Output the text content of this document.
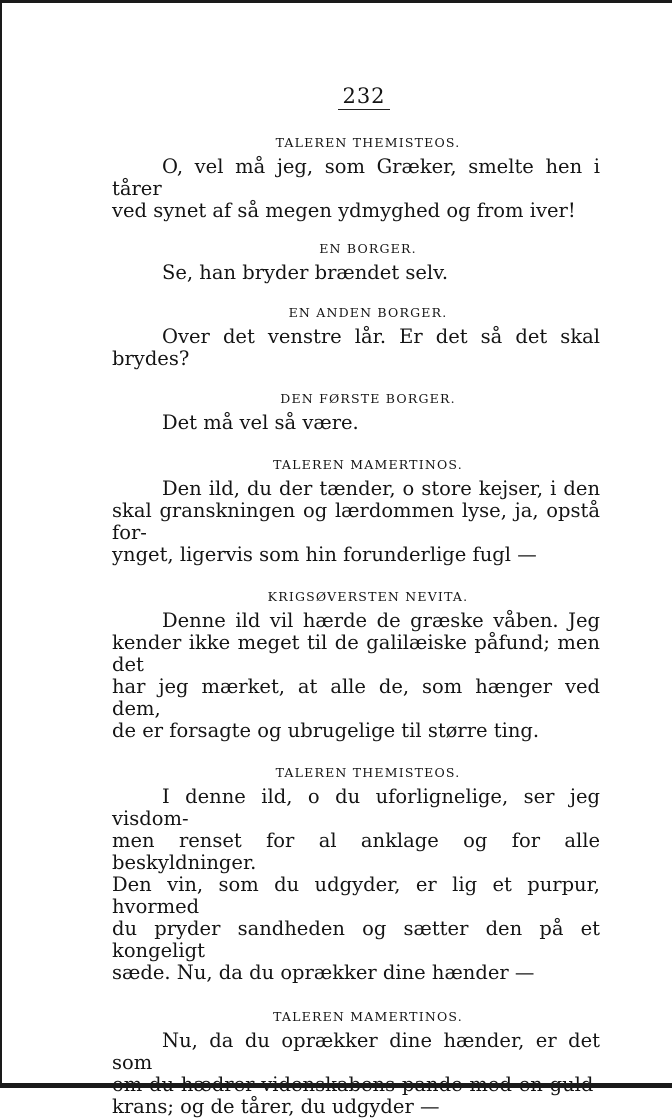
232
TALEREN THEMISTEOS.
O, vel må jeg, som Græker, smelte hen i tårer
ved synet af så megen ydmyghed og from iver!
EN BORGER.
Se, han bryder brændet selv.
EN ANDEN BORGER.
Over det venstre lår. Er det så det skal brydes?
DEN FØRSTE BORGER.
Det må vel så være.
TALEREN MAMERTINOS.
Den ild, du der tænder, o store kejser, i den
skal granskningen og lærdommen lyse, ja, opstå for-
ynget, ligervis som hin forunderlige fugl —
KRIGSØVERSTEN NEVITA.
Denne ild vil hærde de græske våben. Jeg
kender ikke meget til de galilæiske påfund; men det
har jeg mærket, at alle de, som hænger ved dem,
de er forsagte og ubrugelige til større ting.
TALEREN THEMISTEOS.
I denne ild, o du uforlignelige, ser jeg visdom-
men renset for al anklage og for alle beskyldninger.
Den vin, som du udgyder, er lig et purpur, hvormed
du pryder sandheden og sætter den på et kongeligt
sæde. Nu, da du oprækker dine hænder —
TALEREN MAMERTINOS.
Nu, da du oprækker dine hænder, er det som
krans; og de tårer, du udgyder —
